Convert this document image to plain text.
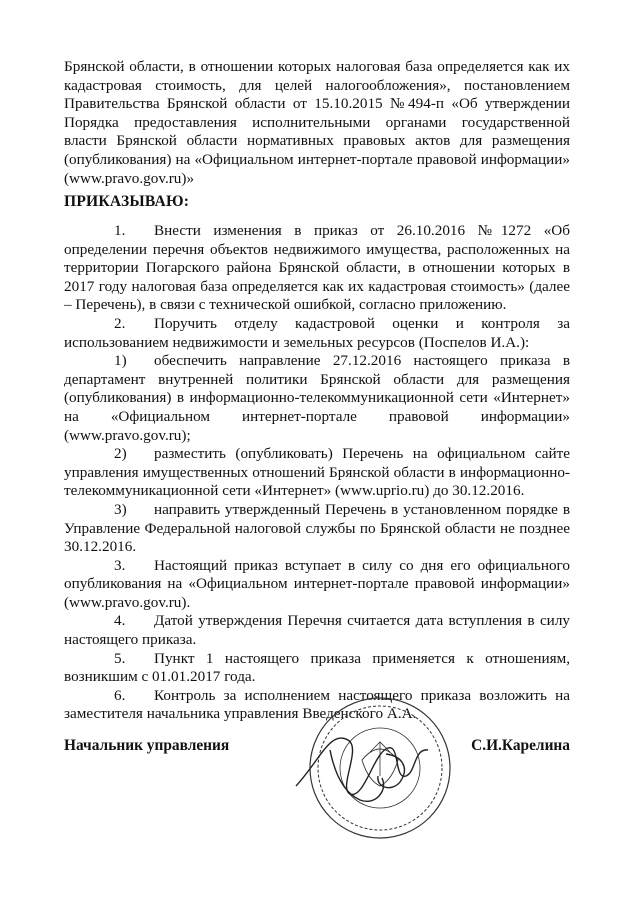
Брянской области, в отношении которых налоговая база определяется как их кадастровая стоимость, для целей налогообложения», постановлением Правительства Брянской области от 15.10.2015 №494-п «Об утверждении Порядка предоставления исполнительными органами государственной власти Брянской области нормативных правовых актов для размещения (опубликования) на «Официальном интернет-портале правовой информации» (www.pravo.gov.ru)»

ПРИКАЗЫВАЮ:

1. Внести изменения в приказ от 26.10.2016 №1272 «Об определении перечня объектов недвижимого имущества, расположенных на территории Погарского района Брянской области, в отношении которых в 2017 году налоговая база определяется как их кадастровая стоимость» (далее – Перечень), в связи с технической ошибкой, согласно приложению.

2. Поручить отделу кадастровой оценки и контроля за использованием недвижимости и земельных ресурсов (Поспелов И.А.):

1) обеспечить направление 27.12.2016 настоящего приказа в департамент внутренней политики Брянской области для размещения (опубликования) в информационно-телекоммуникационной сети «Интернет» на «Официальном интернет-портале правовой информации» (www.pravo.gov.ru);

2) разместить (опубликовать) Перечень на официальном сайте управления имущественных отношений Брянской области в информационно-телекоммуникационной сети «Интернет» (www.uprio.ru) до 30.12.2016.

3) направить утвержденный Перечень в установленном порядке в Управление Федеральной налоговой службы по Брянской области не позднее 30.12.2016.

3. Настоящий приказ вступает в силу со дня его официального опубликования на «Официальном интернет-портале правовой информации» (www.pravo.gov.ru).

4. Датой утверждения Перечня считается дата вступления в силу настоящего приказа.

5. Пункт 1 настоящего приказа применяется к отношениям, возникшим с 01.01.2017 года.

6. Контроль за исполнением настоящего приказа возложить на заместителя начальника управления Введенского А.А.

Начальник управления	С.И.Карелина
